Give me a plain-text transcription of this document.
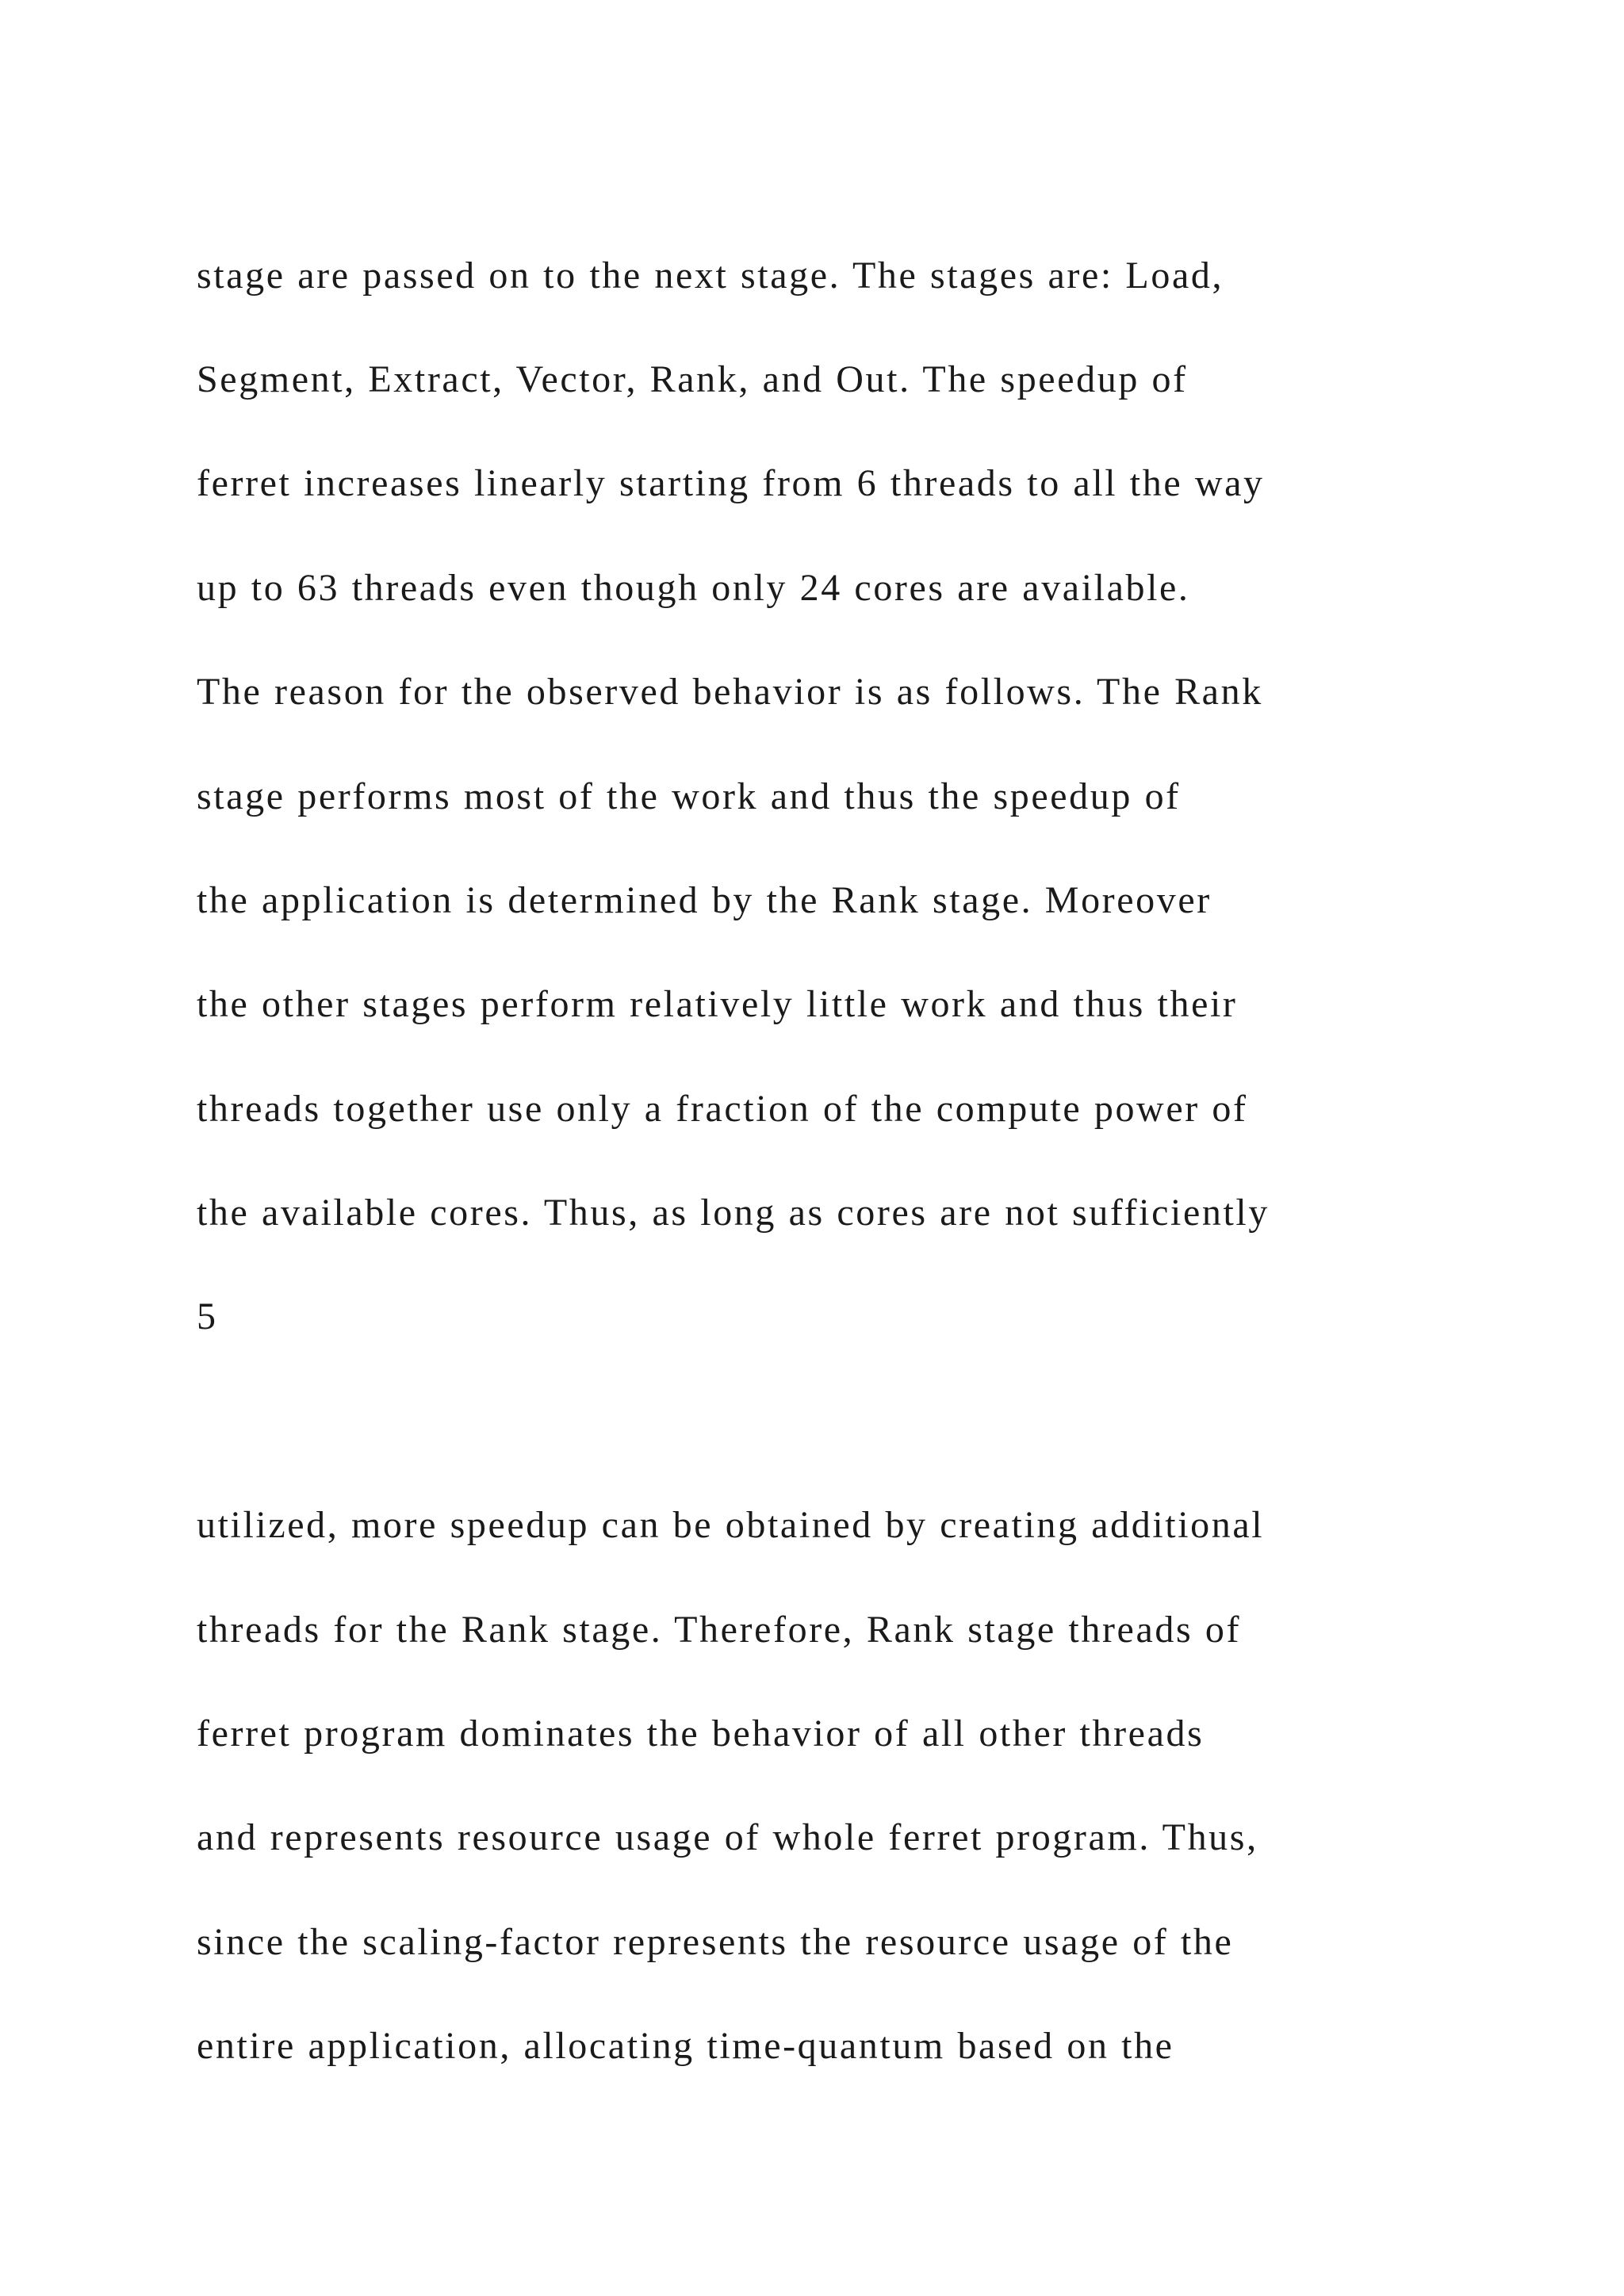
stage are passed on to the next stage. The stages are: Load,

Segment, Extract, Vector, Rank, and Out. The speedup of

ferret increases linearly starting from 6 threads to all the way

up to 63 threads even though only 24 cores are available.

The reason for the observed behavior is as follows. The Rank

stage performs most of the work and thus the speedup of

the application is determined by the Rank stage. Moreover

the other stages perform relatively little work and thus their

threads together use only a fraction of the compute power of

the available cores. Thus, as long as cores are not sufficiently

5

utilized, more speedup can be obtained by creating additional

threads for the Rank stage. Therefore, Rank stage threads of

ferret program dominates the behavior of all other threads

and represents resource usage of whole ferret program. Thus,

since the scaling-factor represents the resource usage of the

entire application, allocating time-quantum based on the
